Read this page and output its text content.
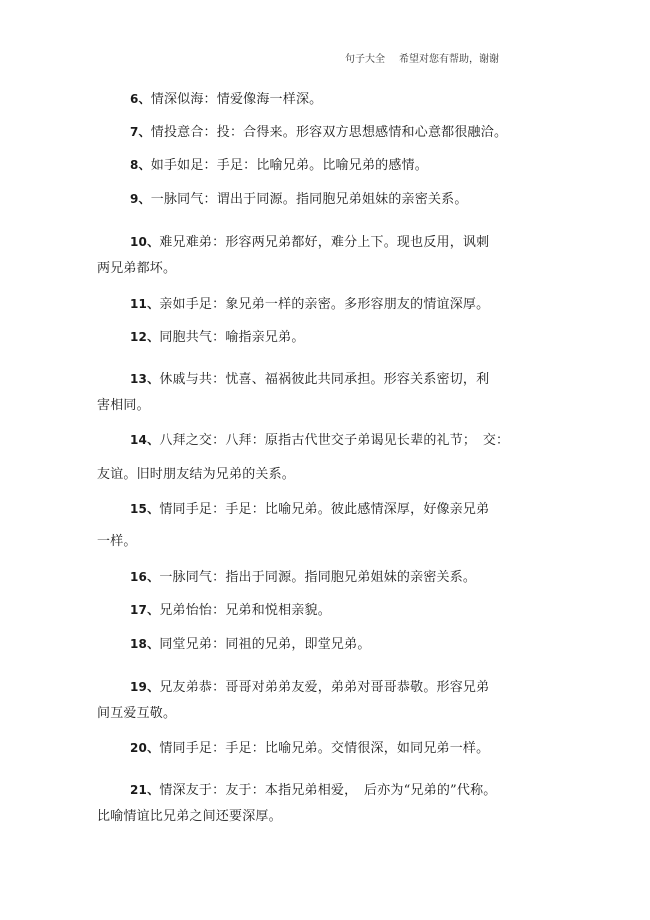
句子大全 希望对您有帮助，谢谢
6、情深似海：情爱像海一样深。
7、情投意合：投：合得来。形容双方思想感情和心意都很融洽。
8、如手如足：手足：比喻兄弟。比喻兄弟的感情。
9、一脉同气：谓出于同源。指同胞兄弟姐妹的亲密关系。
10、难兄难弟：形容两兄弟都好，难分上下。现也反用，讽刺
两兄弟都坏。
11、亲如手足：象兄弟一样的亲密。多形容朋友的情谊深厚。
12、同胞共气：喻指亲兄弟。
13、休戚与共：忧喜、福祸彼此共同承担。形容关系密切，利
害相同。
14、八拜之交：八拜：原指古代世交子弟谒见长辈的礼节；　交：
友谊。旧时朋友结为兄弟的关系。
15、情同手足：手足：比喻兄弟。彼此感情深厚，好像亲兄弟
一样。
16、一脉同气：指出于同源。指同胞兄弟姐妹的亲密关系。
17、兄弟怡怡：兄弟和悦相亲貌。
18、同堂兄弟：同祖的兄弟，即堂兄弟。
19、兄友弟恭：哥哥对弟弟友爱，弟弟对哥哥恭敬。形容兄弟
间互爱互敬。
20、情同手足：手足：比喻兄弟。交情很深，如同兄弟一样。
21、情深友于：友于：本指兄弟相爱，　后亦为“兄弟的”代称。
比喻情谊比兄弟之间还要深厚。
